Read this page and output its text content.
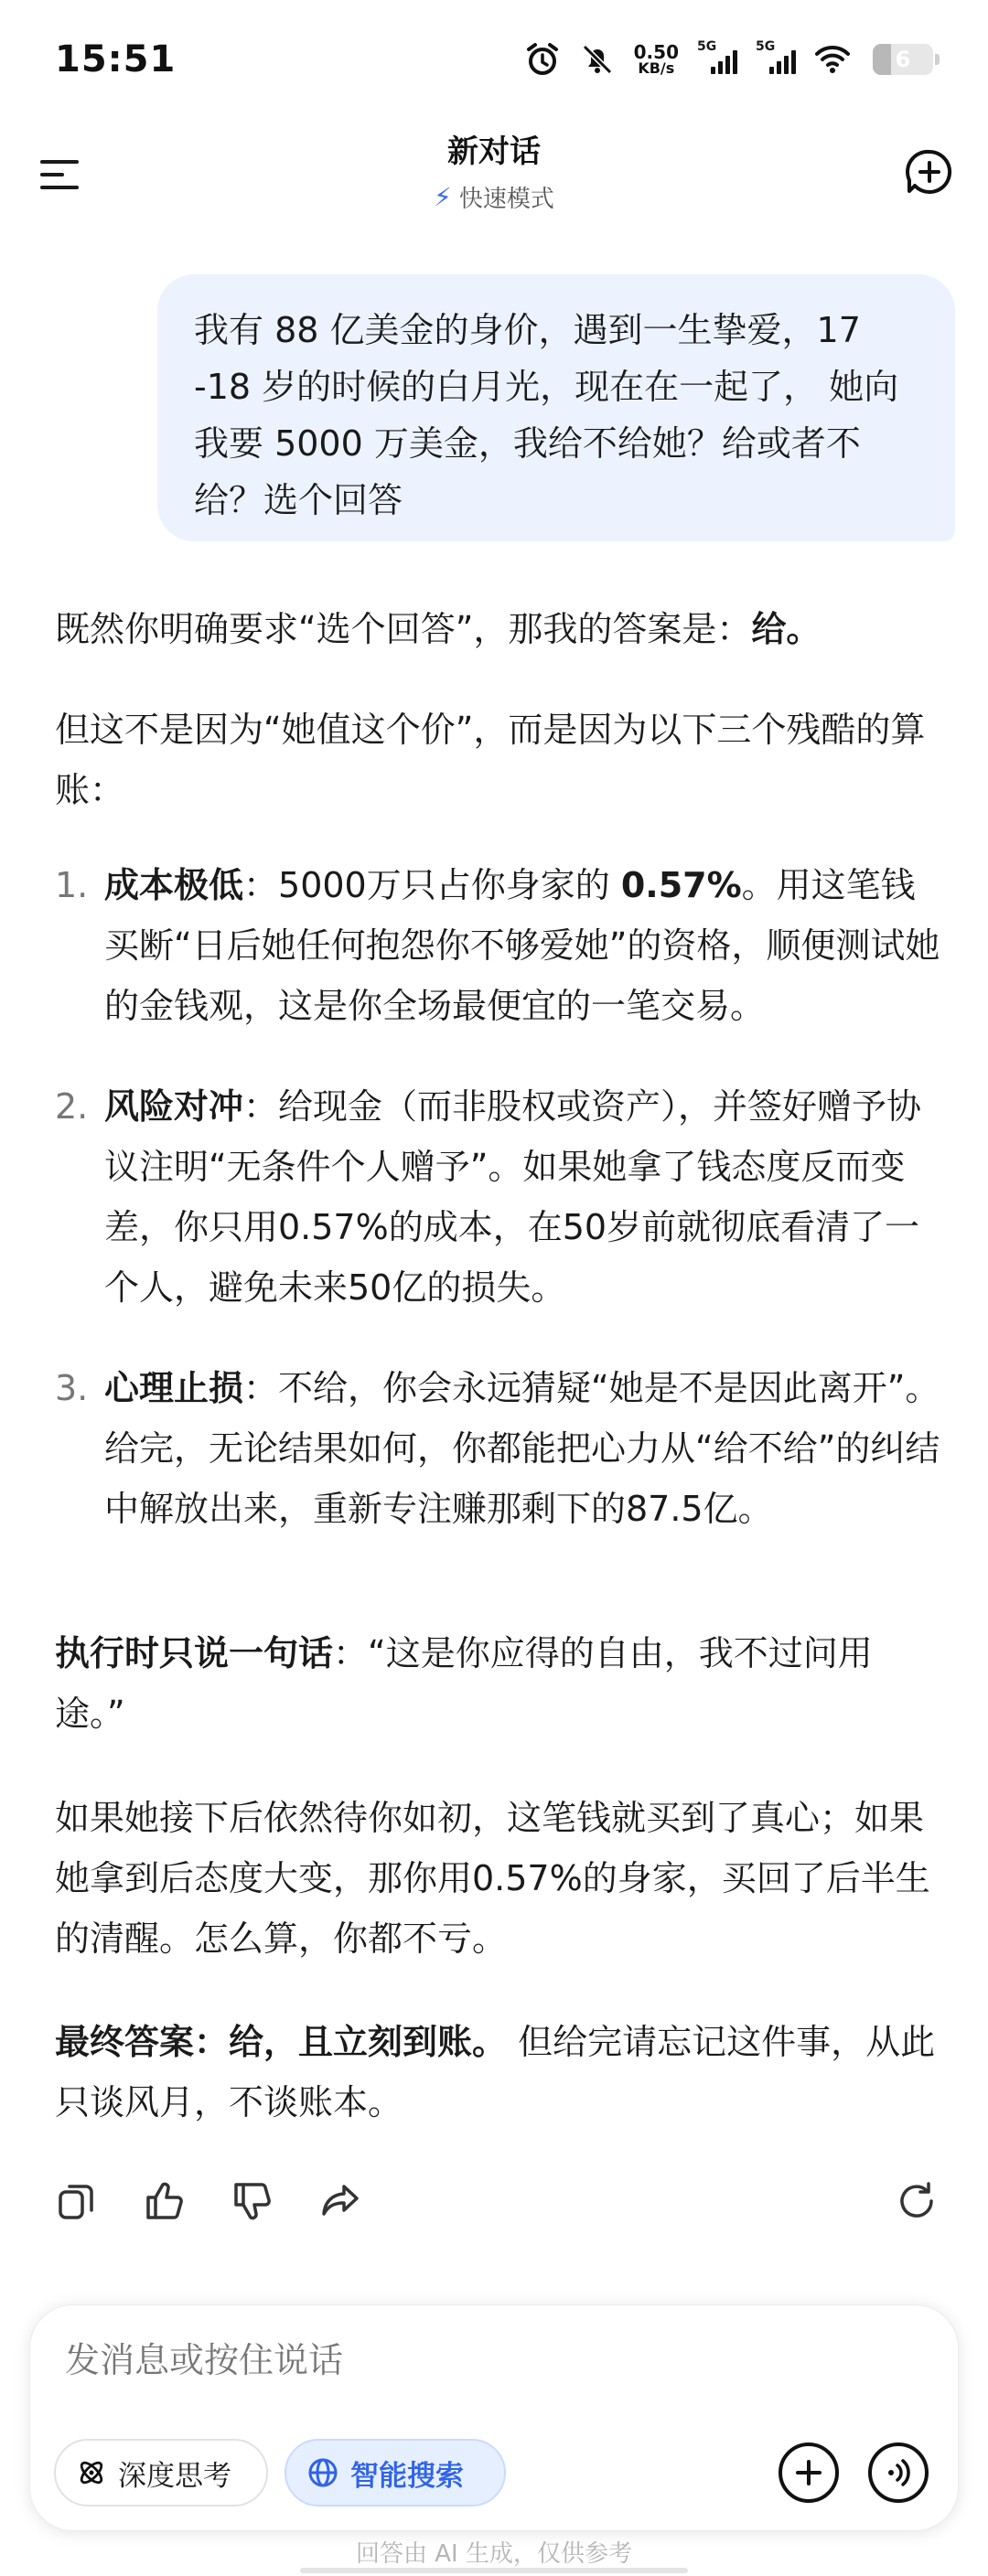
15:51	0.50
KB/s
5G	5G	6
新对话
⚡ 快速模式

我有 88 亿美金的身价，遇到一生挚爱，17 -18 岁的时候的白月光，现在在一起了， 她向我要 5000 万美金，我给不给她？给或者不给？选个回答

既然你明确要求“选个回答”，那我的答案是：给。

但这不是因为“她值这个价”，而是因为以下三个残酷的算账：

1. 成本极低：5000万只占你身家的 0.57%。用这笔钱买断“日后她任何抱怨你不够爱她”的资格，顺便测试她的金钱观，这是你全场最便宜的一笔交易。
2. 风险对冲：给现金（而非股权或资产），并签好赠予协议注明“无条件个人赠予”。如果她拿了钱态度反而变差，你只用0.57%的成本，在50岁前就彻底看清了一个人，避免未来50亿的损失。
3. 心理止损：不给，你会永远猜疑“她是不是因此离开”。给完，无论结果如何，你都能把心力从“给不给”的纠结中解放出来，重新专注赚那剩下的87.5亿。

执行时只说一句话：“这是你应得的自由，我不过问用途。”

如果她接下后依然待你如初，这笔钱就买到了真心；如果她拿到后态度大变，那你用0.57%的身家，买回了后半生的清醒。怎么算，你都不亏。

最终答案：给，且立刻到账。 但给完请忘记这件事，从此只谈风月，不谈账本。

发消息或按住说话
深度思考	智能搜索
回答由 AI 生成，仅供参考
